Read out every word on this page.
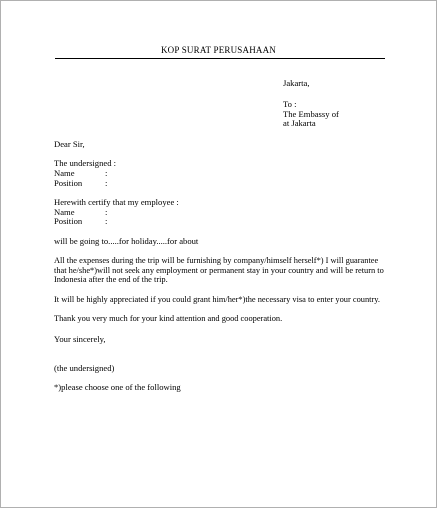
KOP SURAT PERUSAHAAN
Jakarta,
To :
The Embassy of
at Jakarta
Dear Sir,
The undersigned :
Name	:
Position	:
Herewith certify that my employee :
Name	:
Position	:
will be going to.....for holiday.....for about
All the expenses during the trip will be furnishing by company/himself herself*) I will guarantee that he/she*)will not seek any employment or permanent stay in your country and will be return to Indonesia after the end of the trip.
It will be highly appreciated if you could grant him/her*)the necessary visa to enter your country.
Thank you very much for your kind attention and good cooperation.
Your sincerely,
(the undersigned)
*)please choose one of the following
